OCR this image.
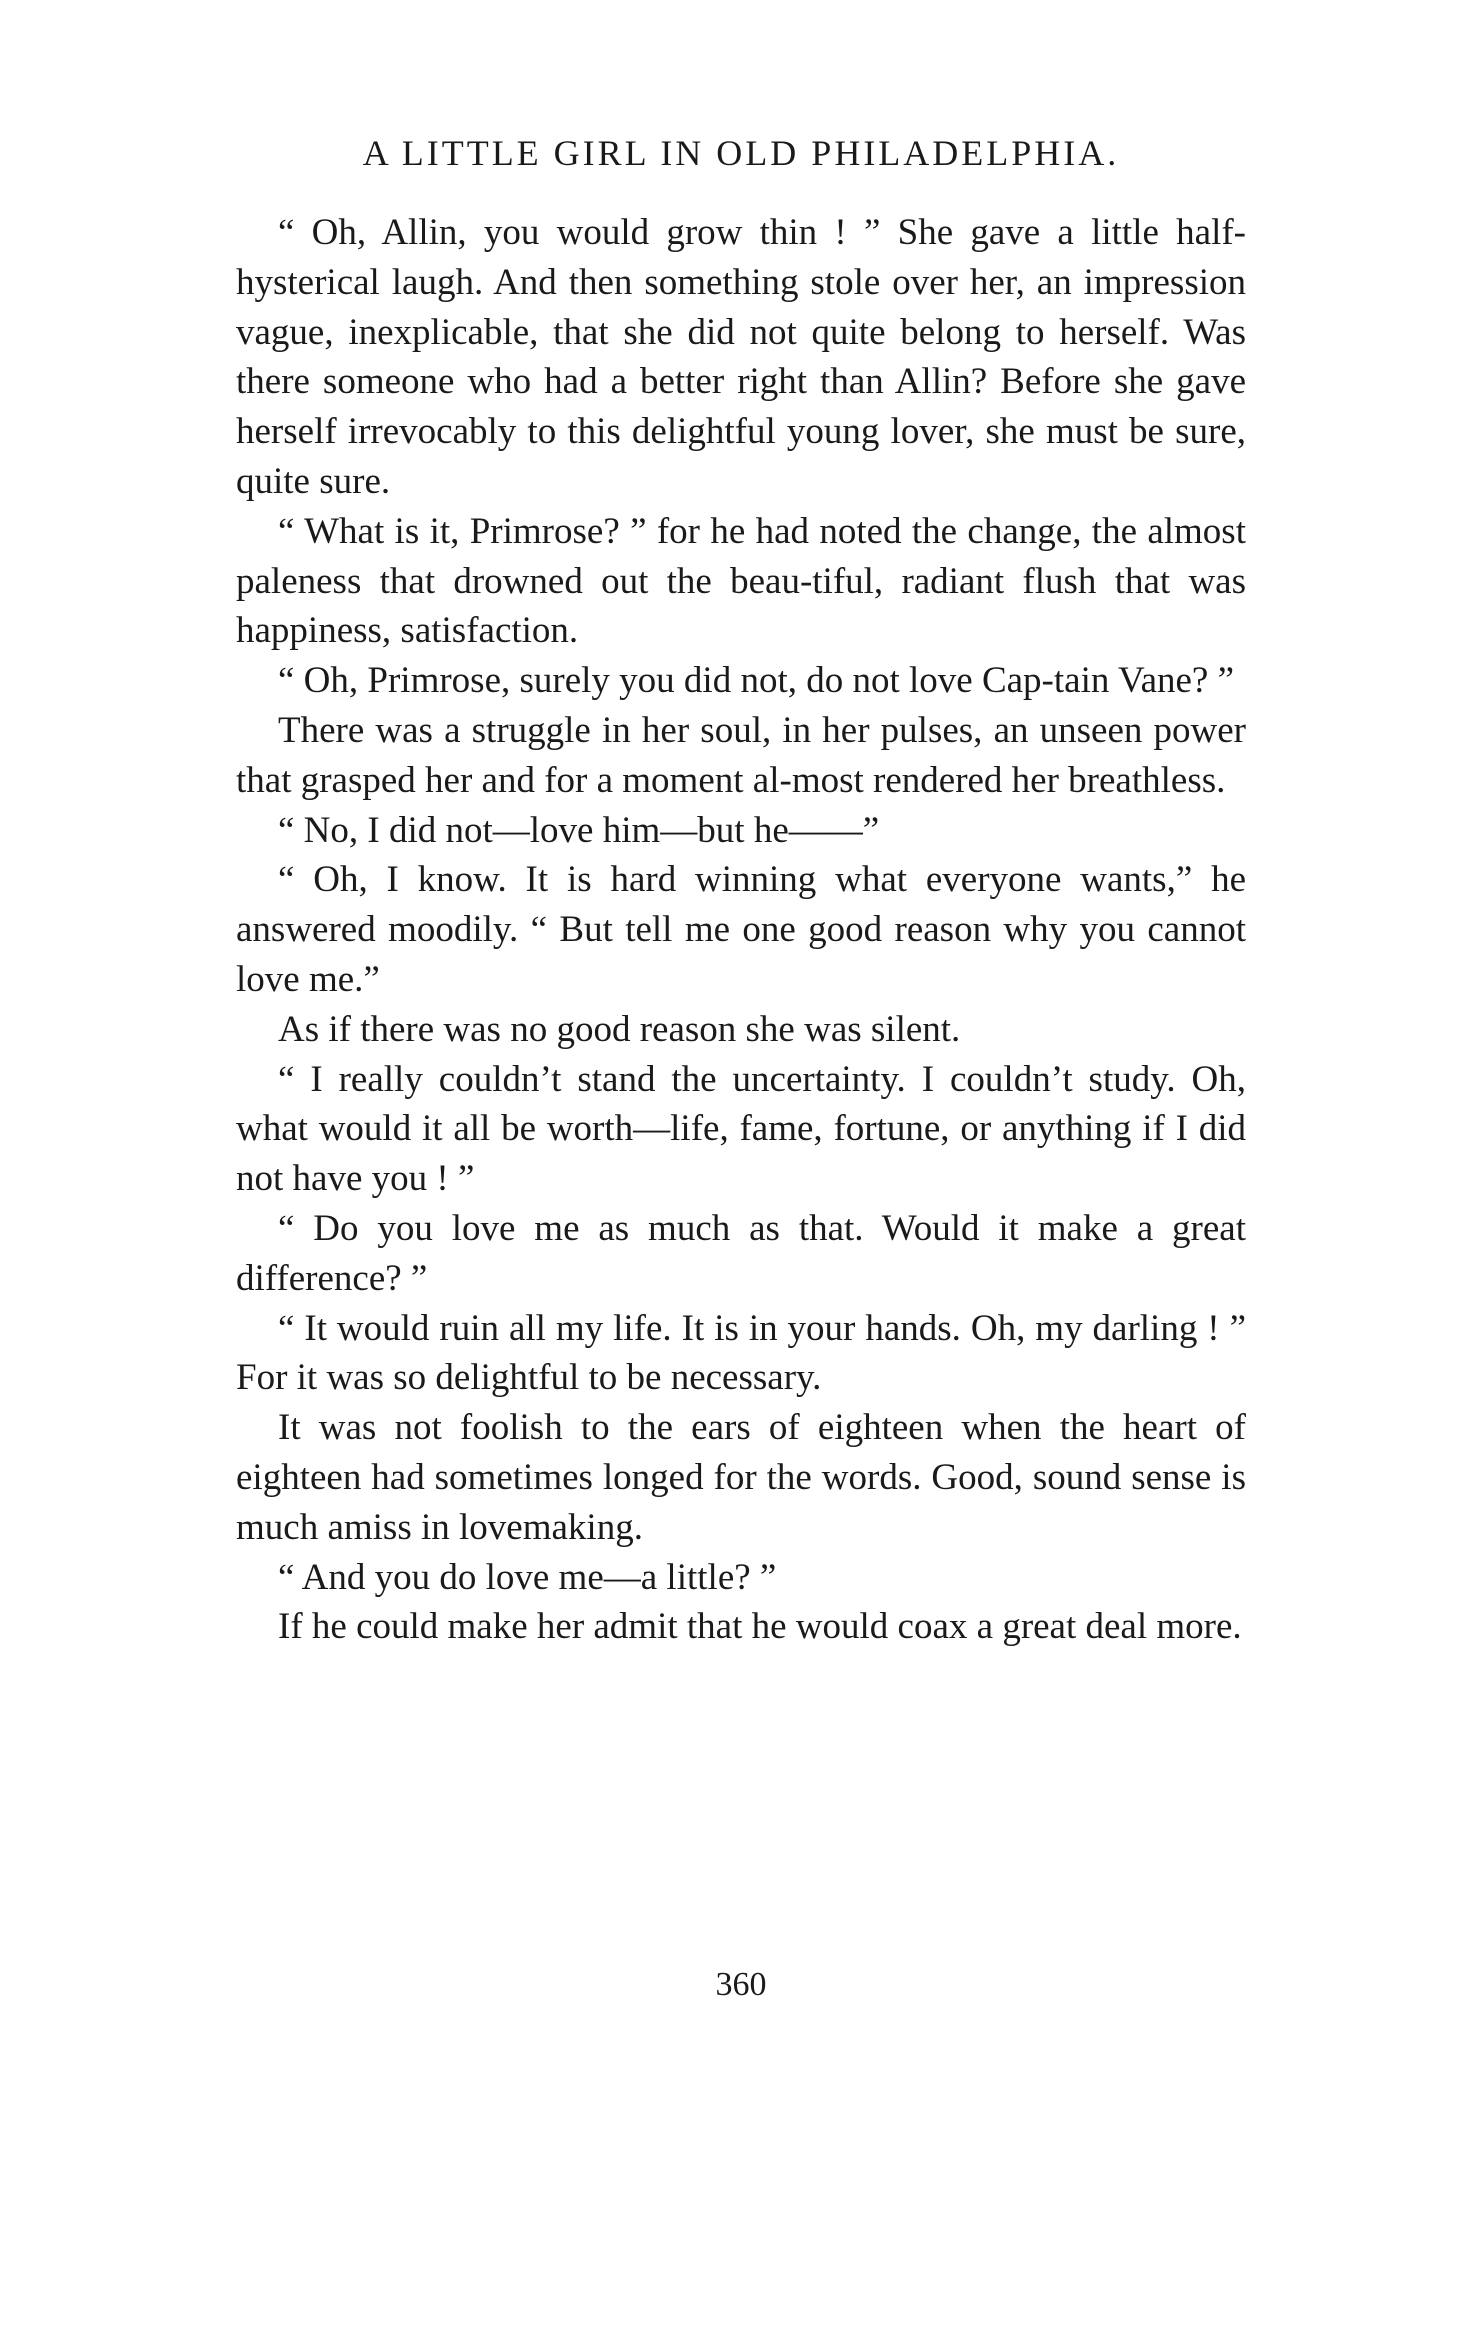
A LITTLE GIRL IN OLD PHILADELPHIA.

“ Oh, Allin, you would grow thin ! ” She gave a little half-hysterical laugh. And then something stole over her, an impression vague, inexplicable, that she did not quite belong to herself. Was there someone who had a better right than Allin? Before she gave herself irrevocably to this delightful young lover, she must be sure, quite sure.

“ What is it, Primrose? ” for he had noted the change, the almost paleness that drowned out the beau-tiful, radiant flush that was happiness, satisfaction.

“ Oh, Primrose, surely you did not, do not love Cap-tain Vane? ”

There was a struggle in her soul, in her pulses, an unseen power that grasped her and for a moment al-most rendered her breathless.

“ No, I did not—love him—but he——”

“ Oh, I know. It is hard winning what everyone wants,” he answered moodily. “ But tell me one good reason why you cannot love me.”

As if there was no good reason she was silent.

“ I really couldn’t stand the uncertainty. I couldn’t study. Oh, what would it all be worth—life, fame, fortune, or anything if I did not have you ! ”

“ Do you love me as much as that. Would it make a great difference? ”

“ It would ruin all my life. It is in your hands. Oh, my darling ! ” For it was so delightful to be necessary.

It was not foolish to the ears of eighteen when the heart of eighteen had sometimes longed for the words. Good, sound sense is much amiss in lovemaking.

“ And you do love me—a little? ”

If he could make her admit that he would coax a great deal more.

360
